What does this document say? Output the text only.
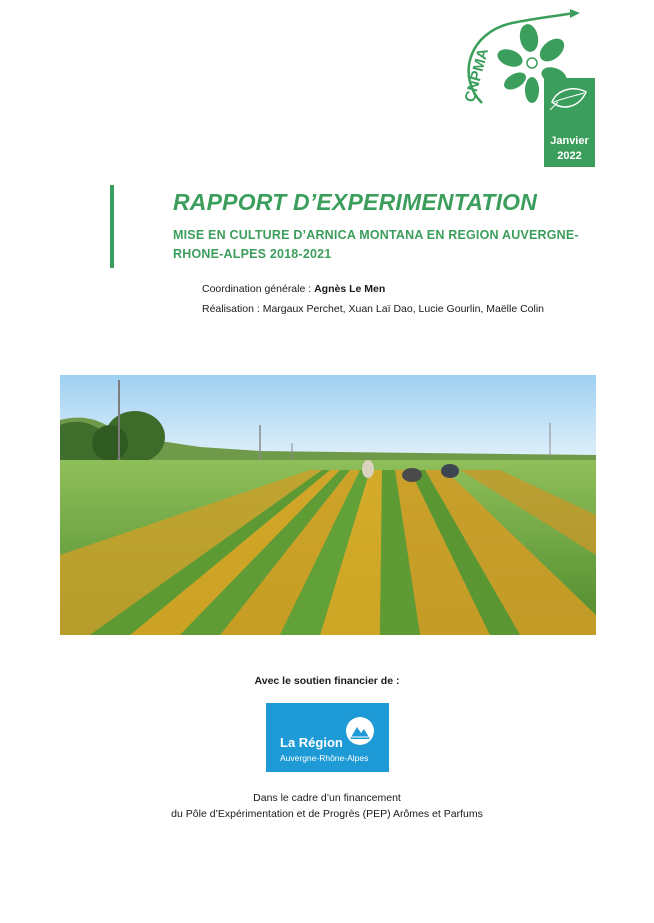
CNPMA
Janvier
2022
RAPPORT D’EXPERIMENTATION

MISE EN CULTURE D’ARNICA MONTANA EN REGION AUVERGNE-RHONE-ALPES 2018-2021

Coordination générale : Agnès Le Men
Réalisation : Margaux Perchet, Xuan Laï Dao, Lucie Gourlin, Maëlle Colin
Avec le soutien financier de :
La Région
Auvergne-Rhône-Alpes
Dans le cadre d’un financement
du Pôle d’Expérimentation et de Progrès (PEP) Arômes et Parfums
